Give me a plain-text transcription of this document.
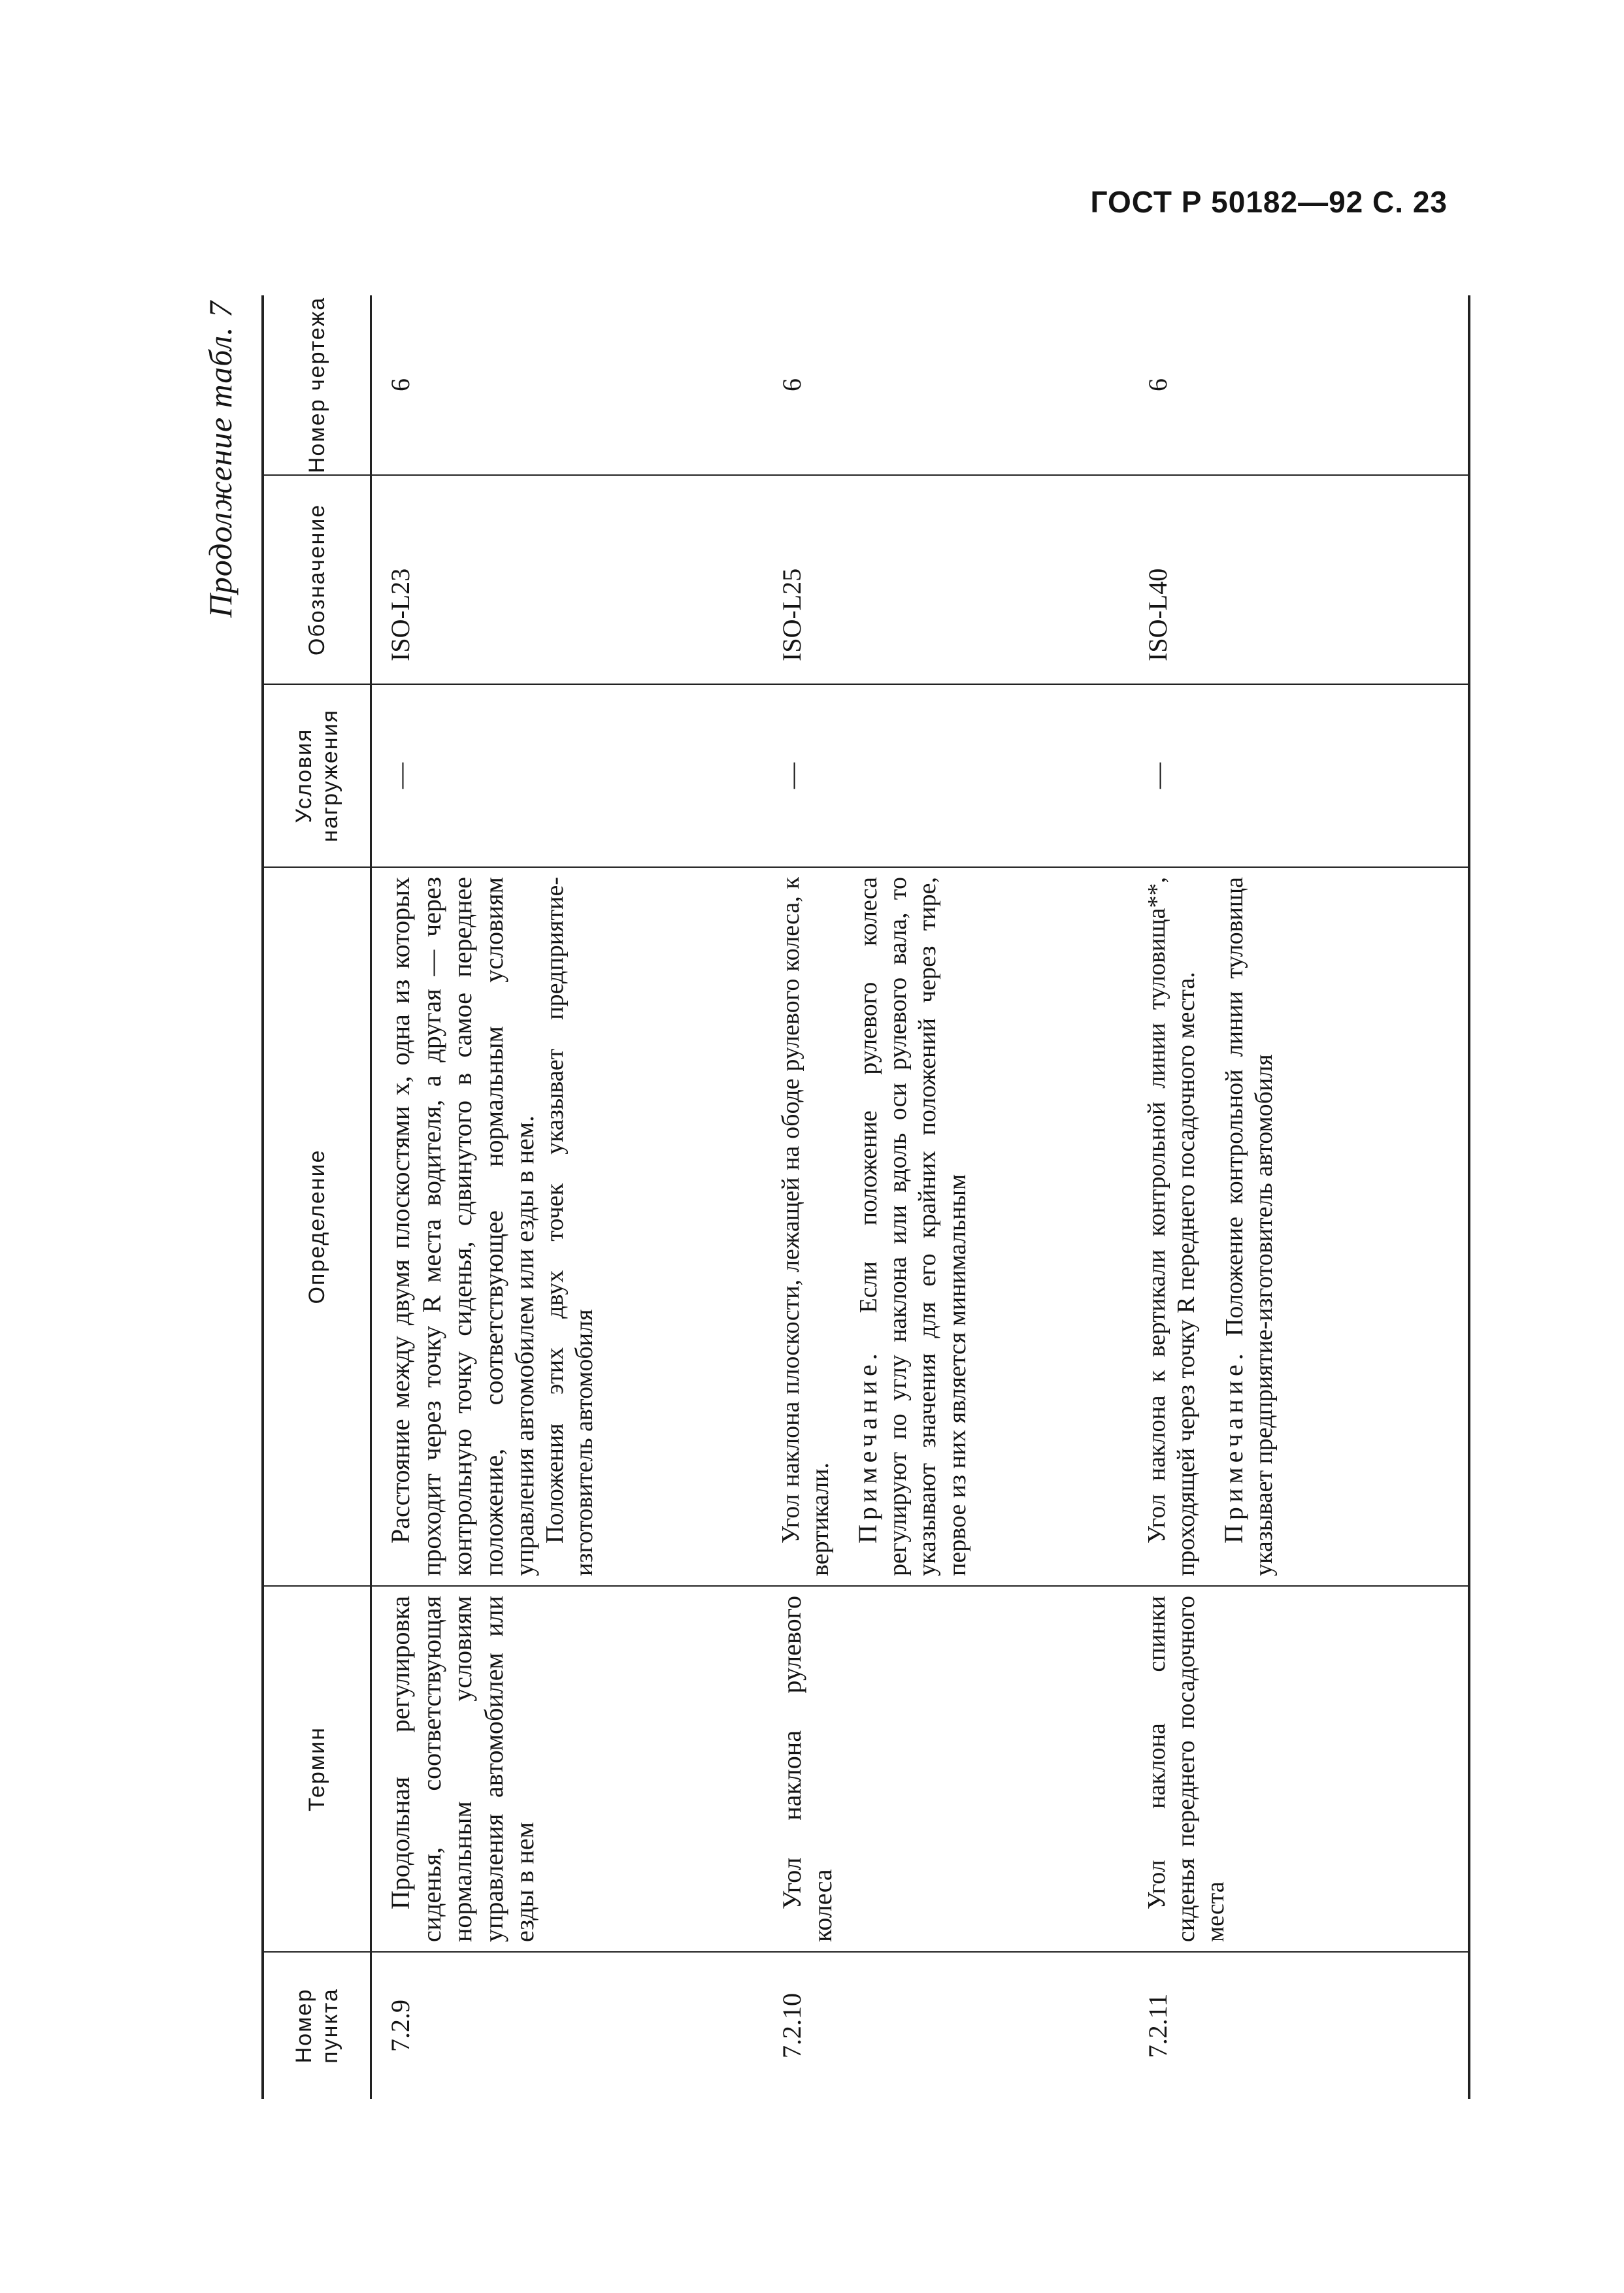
ГОСТ Р 50182—92 С. 23
Продолжение табл. 7
Номер пункта	Термин	Определение	Условия нагружения	Обозначение	Номер чертежа
7.2.9	Продольная регулировка сиденья, соответствующая нормальным условиям управления автомобилем или езды в нем	Расстояние между двумя плоскостями x, одна из которых проходит через точку R места водителя, а другая — через контрольную точку сиденья, сдвинутого в самое переднее положение, соответствующее нормальным условиям управления автомобилем или езды в нем. Положения этих двух точек указывает предприятие-изготовитель автомобиля	—	ISO-L23	6
7.2.10	Угол наклона рулевого колеса	Угол наклона плоскости, лежащей на ободе рулевого колеса, к вертикали. Примечание. Если положение рулевого колеса регулируют по углу наклона или вдоль оси рулевого вала, то указывают значения для его крайних положений через тире, первое из них является минимальным	—	ISO-L25	6
7.2.11	Угол наклона спинки сиденья переднего посадочного места	Угол наклона к вертикали контрольной линии туловища**, проходящей через точку R переднего посадочного места. Примечание. Положение контрольной линии туловища указывает предприятие-изготовитель автомобиля	—	ISO-L40	6
